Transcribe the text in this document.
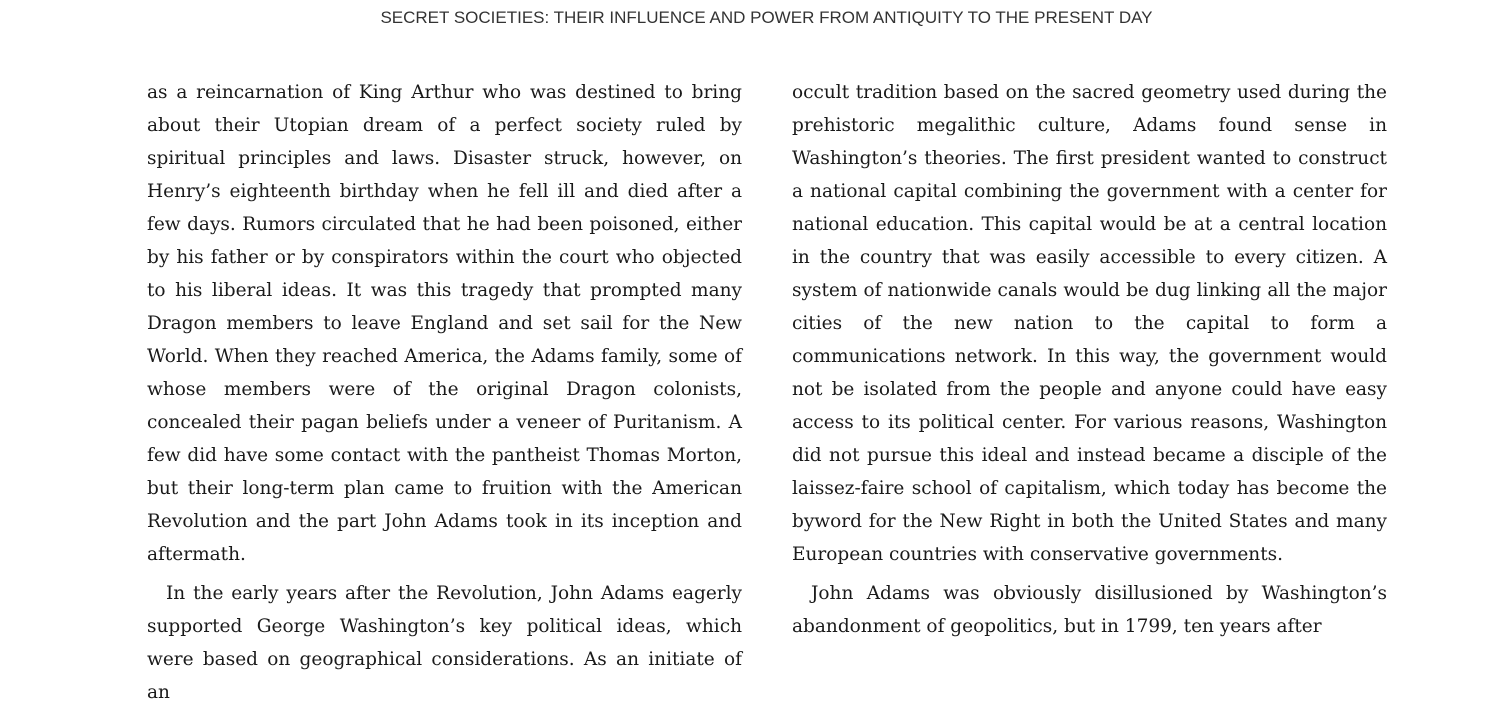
SECRET SOCIETIES: THEIR INFLUENCE AND POWER FROM ANTIQUITY TO THE PRESENT DAY

as a reincarnation of King Arthur who was destined to bring about their Utopian dream of a perfect society ruled by spiritual principles and laws. Disaster struck, however, on Henry’s eighteenth birthday when he fell ill and died after a few days. Rumors circulated that he had been poisoned, either by his father or by conspirators within the court who objected to his liberal ideas. It was this tragedy that prompted many Dragon members to leave England and set sail for the New World. When they reached America, the Adams family, some of whose members were of the original Dragon colonists, concealed their pagan beliefs under a veneer of Puritanism. A few did have some contact with the pantheist Thomas Morton, but their long-term plan came to fruition with the American Revolution and the part John Adams took in its inception and aftermath.

In the early years after the Revolution, John Adams eagerly supported George Washington’s key political ideas, which were based on geographical considerations. As an initiate of an

occult tradition based on the sacred geometry used during the prehistoric megalithic culture, Adams found sense in Washington’s theories. The first president wanted to construct a national capital combining the government with a center for national education. This capital would be at a central location in the country that was easily accessible to every citizen. A system of nationwide canals would be dug linking all the major cities of the new nation to the capital to form a communications network. In this way, the government would not be isolated from the people and anyone could have easy access to its political center. For various reasons, Washington did not pursue this ideal and instead became a disciple of the laissez-faire school of capitalism, which today has become the byword for the New Right in both the United States and many European countries with conservative governments.

John Adams was obviously disillusioned by Washington’s abandonment of geopolitics, but in 1799, ten years after
